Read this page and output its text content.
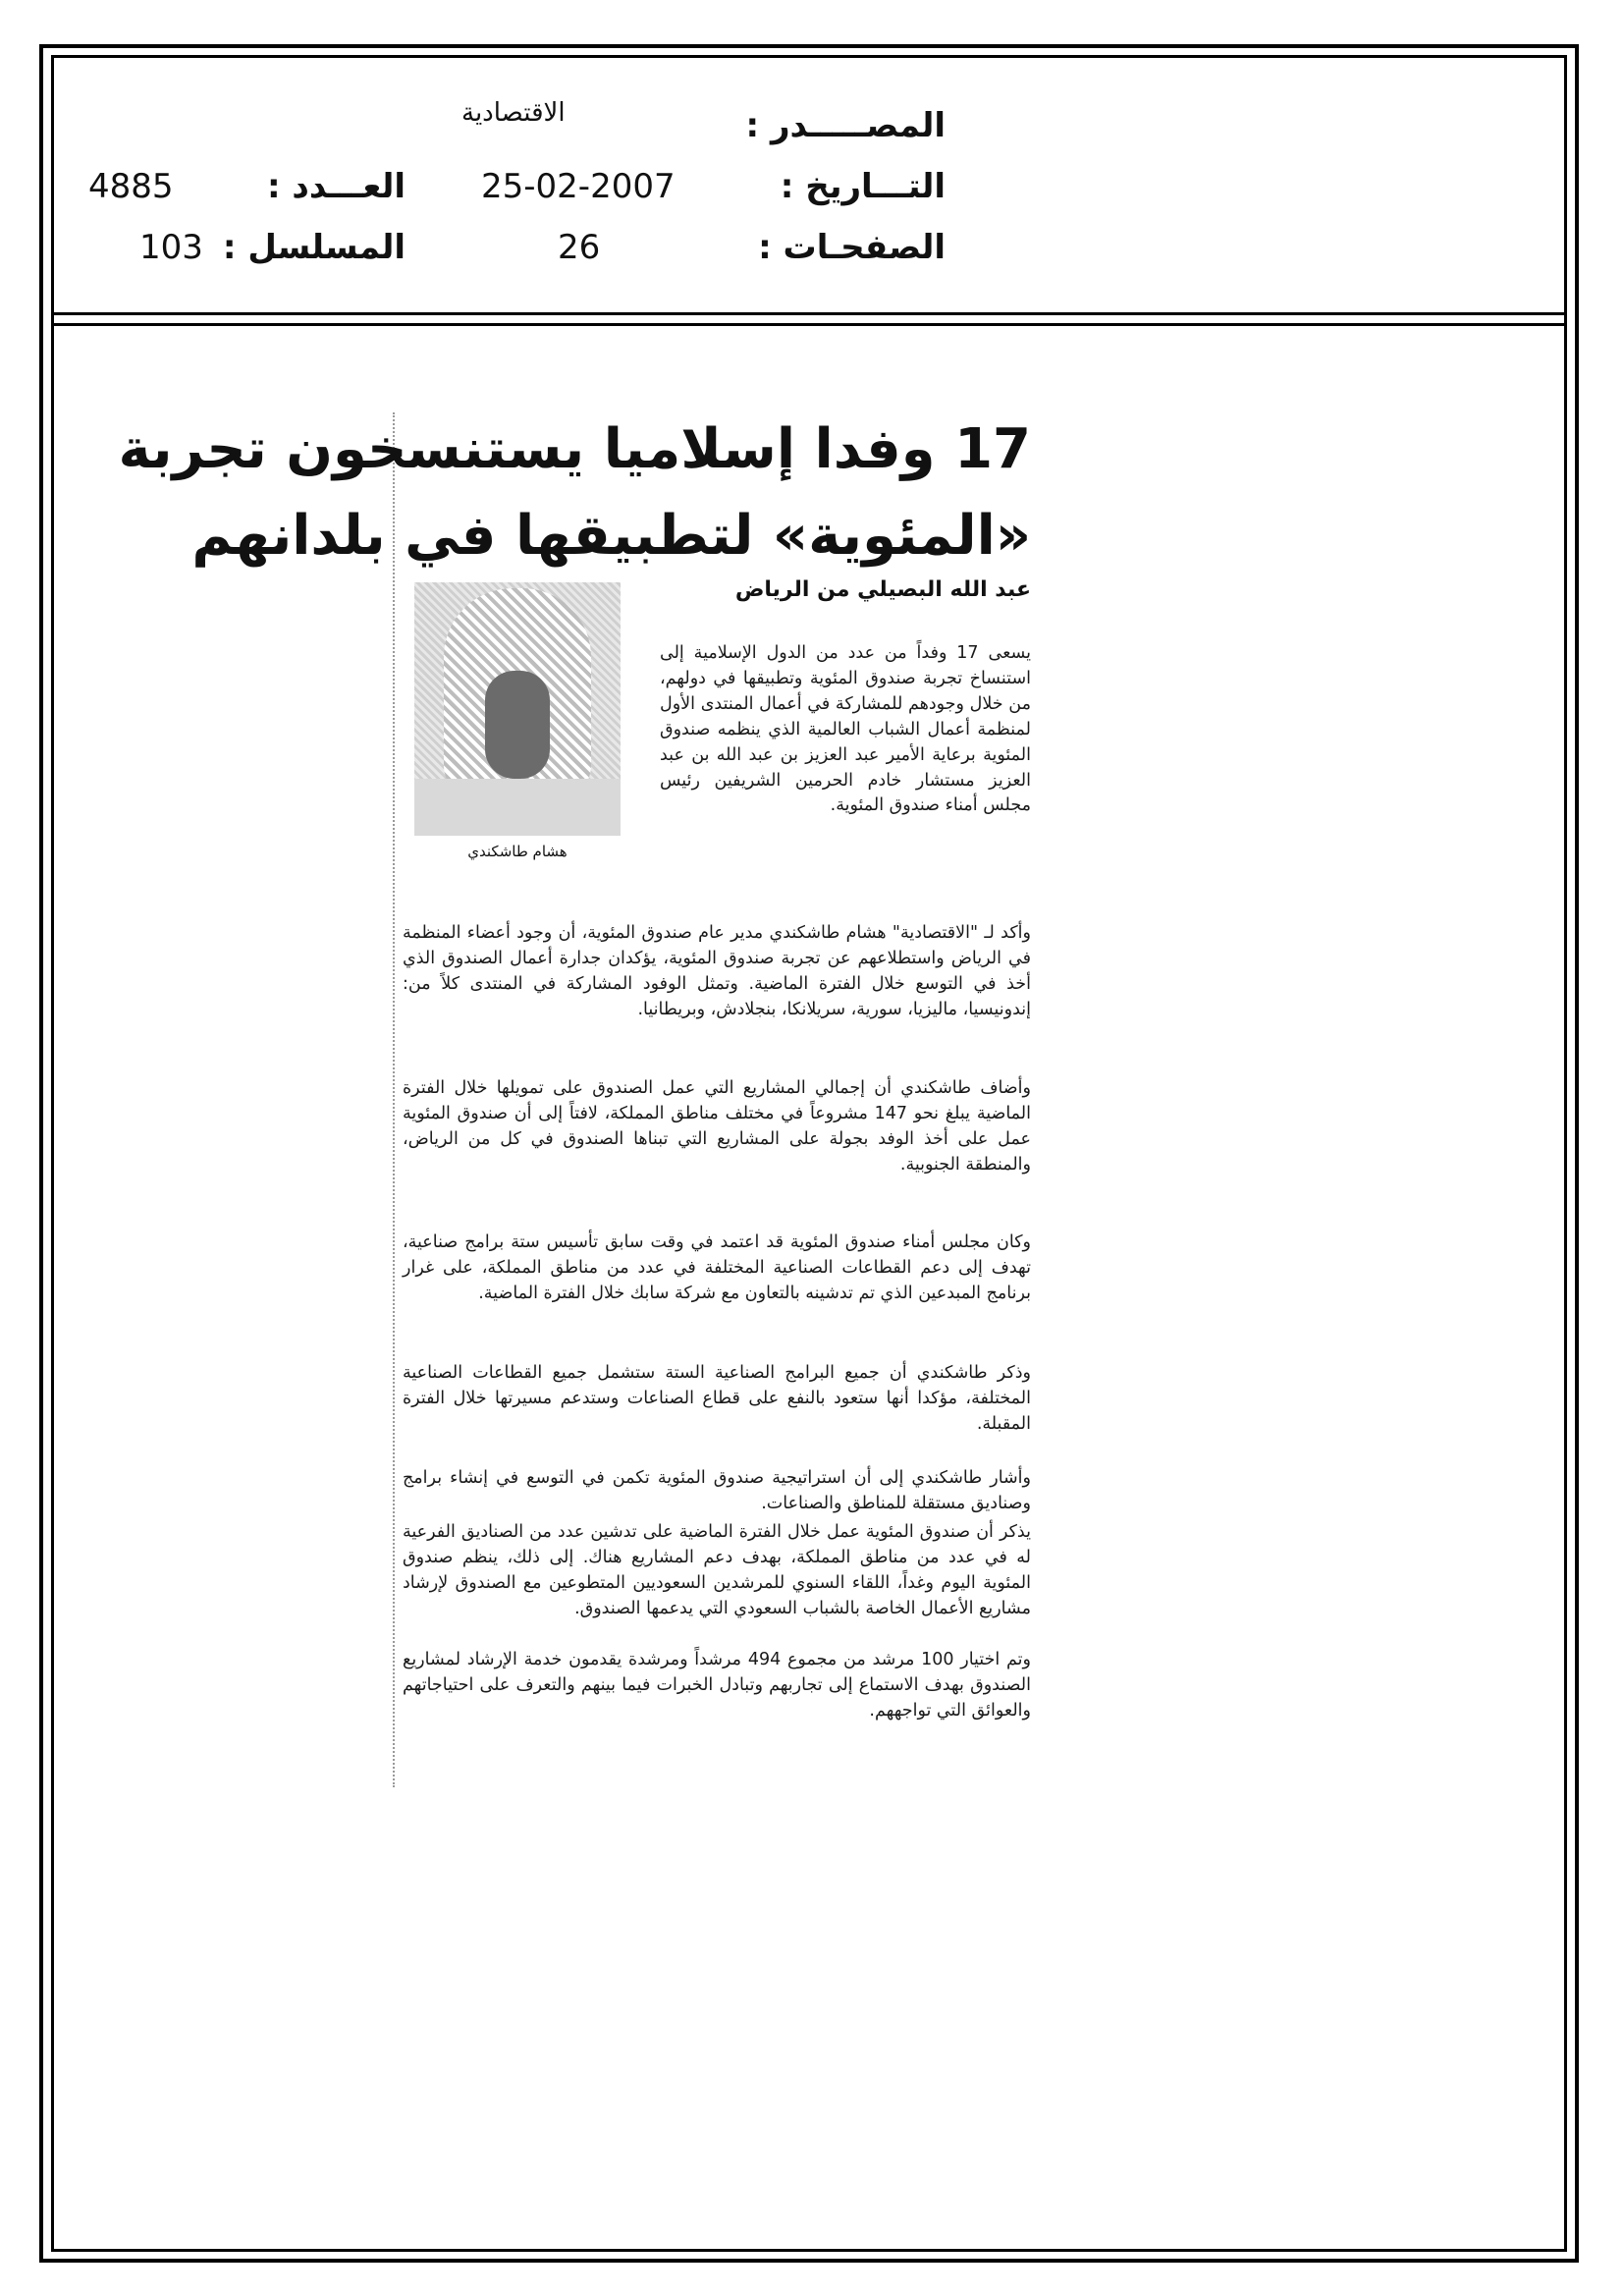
المصـــــدر :
التـــاريخ :
الصفحـات :
الاقتصادية
25-02-2007
26
العـــدد :
المسلسل :
4885
103
17 وفدا إسلاميا يستنسخون تجربة
«المئوية» لتطبيقها في بلدانهم
عبد الله البصيلي من الرياض
هشام طاشكندي

يسعى 17 وفداً من عدد من الدول الإسلامية إلى استنساخ تجربة صندوق المئوية وتطبيقها في دولهم، من خلال وجودهم للمشاركة في أعمال المنتدى الأول لمنظمة أعمال الشباب العالمية الذي ينظمه صندوق المئوية برعاية الأمير عبد العزيز بن عبد الله بن عبد العزيز مستشار خادم الحرمين الشريفين رئيس مجلس أمناء صندوق المئوية.

وأكد لـ "الاقتصادية" هشام طاشكندي مدير عام صندوق المئوية، أن وجود أعضاء المنظمة في الرياض واستطلاعهم عن تجربة صندوق المئوية، يؤكدان جدارة أعمال الصندوق الذي أخذ في التوسع خلال الفترة الماضية. وتمثل الوفود المشاركة في المنتدى كلاً من: إندونيسيا، ماليزيا، سورية، سريلانكا، بنجلادش، وبريطانيا.

وأضاف طاشكندي أن إجمالي المشاريع التي عمل الصندوق على تمويلها خلال الفترة الماضية يبلغ نحو 147 مشروعاً في مختلف مناطق المملكة، لافتاً إلى أن صندوق المئوية عمل على أخذ الوفد بجولة على المشاريع التي تبناها الصندوق في كل من الرياض، والمنطقة الجنوبية.

وكان مجلس أمناء صندوق المئوية قد اعتمد في وقت سابق تأسيس ستة برامج صناعية، تهدف إلى دعم القطاعات الصناعية المختلفة في عدد من مناطق المملكة، على غرار برنامج المبدعين الذي تم تدشينه بالتعاون مع شركة سابك خلال الفترة الماضية.

وذكر طاشكندي أن جميع البرامج الصناعية الستة ستشمل جميع القطاعات الصناعية المختلفة، مؤكدا أنها ستعود بالنفع على قطاع الصناعات وستدعم مسيرتها خلال الفترة المقبلة.

وأشار طاشكندي إلى أن استراتيجية صندوق المئوية تكمن في التوسع في إنشاء برامج وصناديق مستقلة للمناطق والصناعات.

يذكر أن صندوق المئوية عمل خلال الفترة الماضية على تدشين عدد من الصناديق الفرعية له في عدد من مناطق المملكة، بهدف دعم المشاريع هناك. إلى ذلك، ينظم صندوق المئوية اليوم وغداً، اللقاء السنوي للمرشدين السعوديين المتطوعين مع الصندوق لإرشاد مشاريع الأعمال الخاصة بالشباب السعودي التي يدعمها الصندوق.

وتم اختيار 100 مرشد من مجموع 494 مرشداً ومرشدة يقدمون خدمة الإرشاد لمشاريع الصندوق بهدف الاستماع إلى تجاربهم وتبادل الخبرات فيما بينهم والتعرف على احتياجاتهم والعوائق التي تواجههم.
